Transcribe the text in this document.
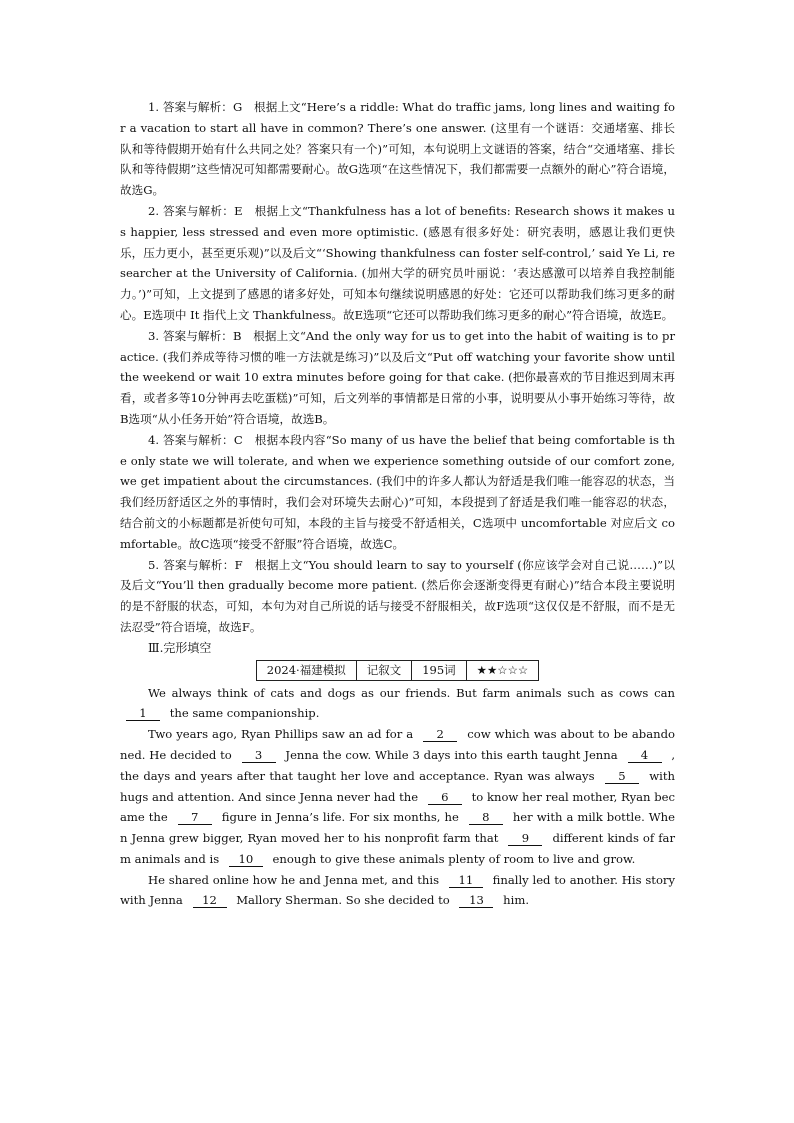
1. 答案与解析：G　根据上文“Here’s a riddle: What do traffic jams, long lines and waiting for a vacation to start all have in common? There’s one answer. (这里有一个谜语：交通堵塞、排长队和等待假期开始有什么共同之处？答案只有一个)”可知，本句说明上文谜语的答案，结合“交通堵塞、排长队和等待假期”这些情况可知都需要耐心。故G选项“在这些情况下，我们都需要一点额外的耐心”符合语境，故选G。

2. 答案与解析：E　根据上文“Thankfulness has a lot of benefits: Research shows it makes us happier, less stressed and even more optimistic. (感恩有很多好处：研究表明，感恩让我们更快乐，压力更小，甚至更乐观)”以及后文“‘Showing thankfulness can foster self-control,’ said Ye Li, researcher at the University of California. (加州大学的研究员叶丽说：‘表达感激可以培养自我控制能力。’)”可知，上文提到了感恩的诸多好处，可知本句继续说明感恩的好处：它还可以帮助我们练习更多的耐心。E选项中 It 指代上文 Thankfulness。故E选项“它还可以帮助我们练习更多的耐心”符合语境，故选E。

3. 答案与解析：B　根据上文“And the only way for us to get into the habit of waiting is to practice. (我们养成等待习惯的唯一方法就是练习)”以及后文“Put off watching your favorite show until the weekend or wait 10 extra minutes before going for that cake. (把你最喜欢的节目推迟到周末再看，或者多等10分钟再去吃蛋糕)”可知，后文列举的事情都是日常的小事，说明要从小事开始练习等待，故B选项“从小任务开始”符合语境，故选B。

4. 答案与解析：C　根据本段内容“So many of us have the belief that being comfortable is the only state we will tolerate, and when we experience something outside of our comfort zone, we get impatient about the circumstances. (我们中的许多人都认为舒适是我们唯一能容忍的状态，当我们经历舒适区之外的事情时，我们会对环境失去耐心)”可知，本段提到了舒适是我们唯一能容忍的状态，结合前文的小标题都是祈使句可知，本段的主旨与接受不舒适相关，C选项中 uncomfortable 对应后文 comfortable。故C选项“接受不舒服”符合语境，故选C。

5. 答案与解析：F　根据上文“You should learn to say to yourself (你应该学会对自己说……)”以及后文“You’ll then gradually become more patient. (然后你会逐渐变得更有耐心)”结合本段主要说明的是不舒服的状态，可知，本句为对自己所说的话与接受不舒服相关，故F选项“这仅仅是不舒服，而不是无法忍受”符合语境，故选F。

Ⅲ.完形填空

2024·福建模拟	记叙文	195词	★★☆☆☆

We always think of cats and dogs as our friends. But farm animals such as cows can 1 the same companionship.

Two years ago, Ryan Phillips saw an ad for a 2 cow which was about to be abandoned. He decided to 3 Jenna the cow. While 3 days into this earth taught Jenna 4 , the days and years after that taught her love and acceptance. Ryan was always 5 with hugs and attention. And since Jenna never had the 6 to know her real mother, Ryan became the 7 figure in Jenna’s life. For six months, he 8 her with a milk bottle. When Jenna grew bigger, Ryan moved her to his nonprofit farm that 9 different kinds of farm animals and is 10 enough to give these animals plenty of room to live and grow.

He shared online how he and Jenna met, and this 11 finally led to another. His story with Jenna 12 Mallory Sherman. So she decided to 13 him.
